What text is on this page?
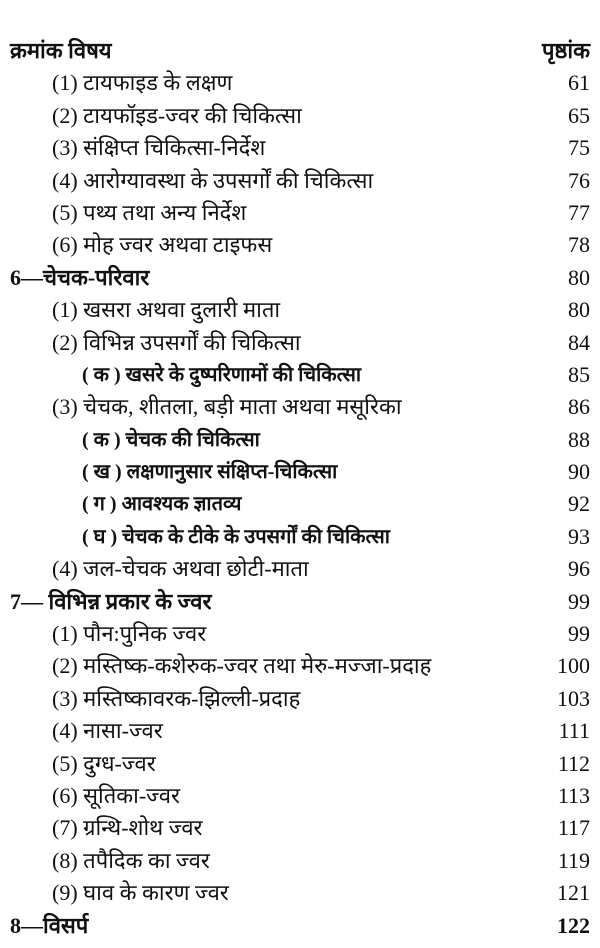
क्रमांक विषय	पृष्ठांक
(1) टायफाइड के लक्षण	61
(2) टायफॉइड-ज्वर की चिकित्सा	65
(3) संक्षिप्त चिकित्सा-निर्देश	75
(4) आरोग्यावस्था के उपसर्गों की चिकित्सा	76
(5) पथ्य तथा अन्य निर्देश	77
(6) मोह ज्वर अथवा टाइफस	78
6—चेचक-परिवार	80
(1) खसरा अथवा दुलारी माता	80
(2) विभिन्न उपसर्गों की चिकित्सा	84
( क ) खसरे के दुष्परिणामों की चिकित्सा	85
(3) चेचक, शीतला, बड़ी माता अथवा मसूरिका	86
( क ) चेचक की चिकित्सा	88
( ख ) लक्षणानुसार संक्षिप्त-चिकित्सा	90
( ग ) आवश्यक ज्ञातव्य	92
( घ ) चेचक के टीके के उपसर्गों की चिकित्सा	93
(4) जल-चेचक अथवा छोटी-माता	96
7— विभिन्न प्रकार के ज्वर	99
(1) पौन:पुनिक ज्वर	99
(2) मस्तिष्क-कशेरुक-ज्वर तथा मेरु-मज्जा-प्रदाह	100
(3) मस्तिष्कावरक-झिल्ली-प्रदाह	103
(4) नासा-ज्वर	111
(5) दुग्ध-ज्वर	112
(6) सूतिका-ज्वर	113
(7) ग्रन्थि-शोथ ज्वर	117
(8) तपैदिक का ज्वर	119
(9) घाव के कारण ज्वर	121
8—विसर्प	122
